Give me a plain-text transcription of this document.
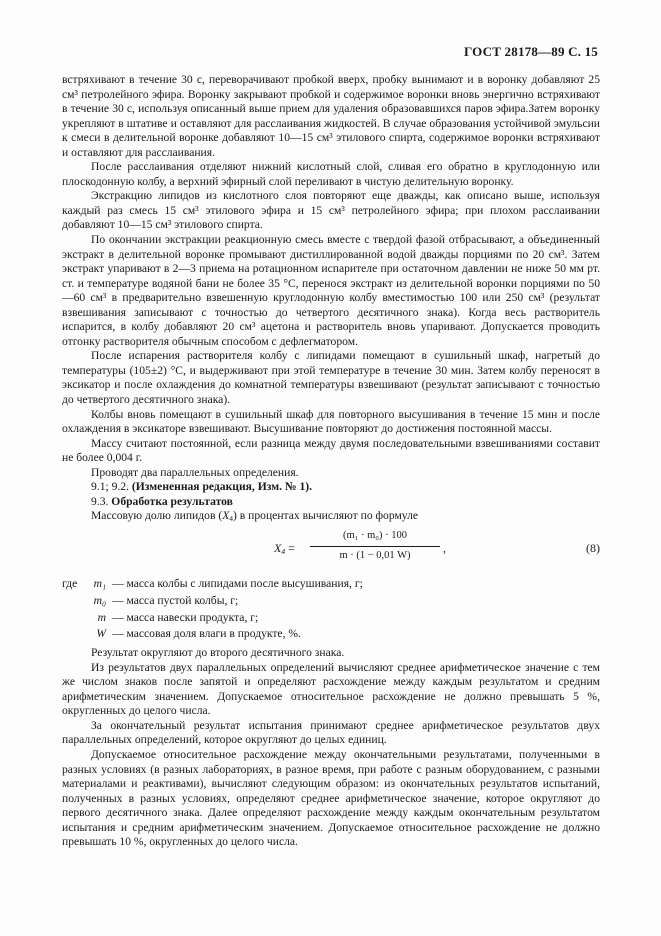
ГОСТ 28178—89 С. 15

встряхивают в течение 30 с, переворачивают пробкой вверх, пробку вынимают и в воронку добавляют 25 см³ петролейного эфира. Воронку закрывают пробкой и содержимое воронки вновь энергично встряхивают в течение 30 с, используя описанный выше прием для удаления образовавшихся паров эфира.Затем воронку укрепляют в штативе и оставляют для расслаивания жидкостей. В случае образования устойчивой эмульсии к смеси в делительной воронке добавляют 10—15 см³ этилового спирта, содержимое воронки встряхивают и оставляют для расслаивания.

После расслаивания отделяют нижний кислотный слой, сливая его обратно в круглодонную или плоскодонную колбу, а верхний эфирный слой переливают в чистую делительную воронку.

Экстракцию липидов из кислотного слоя повторяют еще дважды, как описано выше, используя каждый раз смесь 15 см³ этилового эфира и 15 см³ петролейного эфира; при плохом расслаивании добавляют 10—15 см³ этилового спирта.

По окончании экстракции реакционную смесь вместе с твердой фазой отбрасывают, а объединенный экстракт в делительной воронке промывают дистиллированной водой дважды порциями по 20 см³. Затем экстракт упаривают в 2—3 приема на ротационном испарителе при остаточном давлении не ниже 50 мм рт. ст. и температуре водяной бани не более 35 °С, перенося экстракт из делительной воронки порциями по 50—60 см³ в предварительно взвешенную круглодонную колбу вместимостью 100 или 250 см³ (результат взвешивания записывают с точностью до четвертого десятичного знака). Когда весь растворитель испарится, в колбу добавляют 20 см³ ацетона и растворитель вновь упаривают. Допускается проводить отгонку растворителя обычным способом с дефлегматором.

После испарения растворителя колбу с липидами помещают в сушильный шкаф, нагретый до температуры (105±2) °С, и выдерживают при этой температуре в течение 30 мин. Затем колбу переносят в эксикатор и после охлаждения до комнатной температуры взвешивают (результат записывают с точностью до четвертого десятичного знака).

Колбы вновь помещают в сушильный шкаф для повторного высушивания в течение 15 мин и после охлаждения в эксикаторе взвешивают. Высушивание повторяют до достижения постоянной массы.

Массу считают постоянной, если разница между двумя последовательными взвешиваниями составит не более 0,004 г.

Проводят два параллельных определения.

9.1; 9.2. (Измененная редакция, Изм. № 1).

9.3. Обработка результатов

Массовую долю липидов $(X_4)$ в процентах вычисляют по формуле

$X_4 = \frac{\text{(m₁ · m₀) · 100}}{m \cdot (1 - 0,01 W)}$ ,	(8)
где	m₁ — масса колбы с липидами после высушивания, г;
m₀ — масса пустой колбы, г;
m — масса навески продукта, г;
W — массовая доля влаги в продукте, %.

Результат округляют до второго десятичного знака.

Из результатов двух параллельных определений вычисляют среднее арифметическое значение с тем же числом знаков после запятой и определяют расхождение между каждым результатом и средним арифметическим значением. Допускаемое относительное расхождение не должно превышать 5 %, округленных до целого числа.

За окончательный результат испытания принимают среднее арифметическое результатов двух параллельных определений, которое округляют до целых единиц.

Допускаемое относительное расхождение между окончательными результатами, полученными в разных условиях (в разных лабораториях, в разное время, при работе с разным оборудованием, с разными материалами и реактивами), вычисляют следующим образом: из окончательных результатов испытаний, полученных в разных условиях, определяют среднее арифметическое значение, которое округляют до первого десятичного знака. Далее определяют расхождение между каждым окончательным результатом испытания и средним арифметическим значением. Допускаемое относительное расхождение не должно превышать 10 %, округленных до целого числа.
